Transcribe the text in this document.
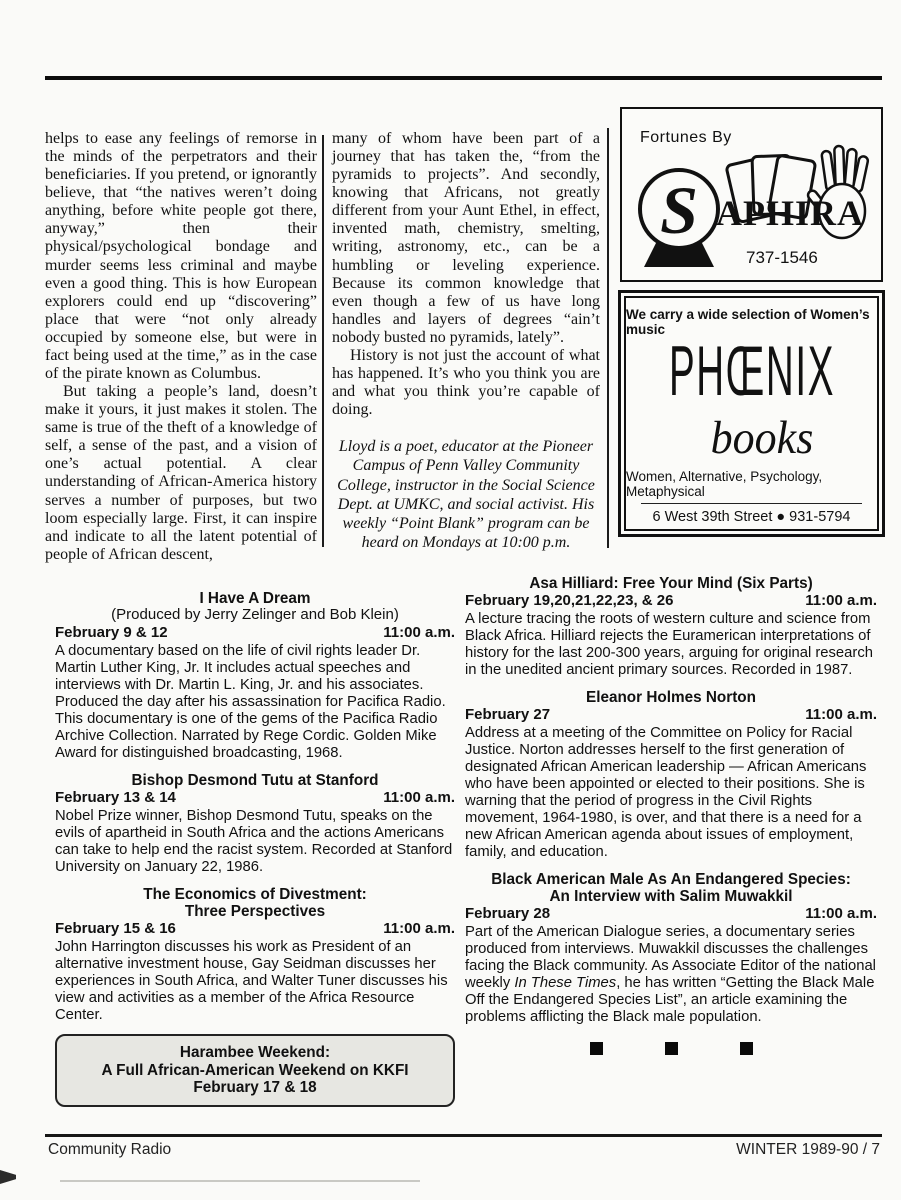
helps to ease any feelings of remorse in the minds of the perpetrators and their beneficiaries. If you pretend, or ignorantly believe, that “the natives weren’t doing anything, before white people got there, anyway,” then their physical/psychological bondage and murder seems less criminal and maybe even a good thing. This is how European explorers could end up “discovering” place that were “not only already occupied by someone else, but were in fact being used at the time,” as in the case of the pirate known as Columbus.

But taking a people’s land, doesn’t make it yours, it just makes it stolen. The same is true of the theft of a knowledge of self, a sense of the past, and a vision of one’s actual potential. A clear understanding of African-America history serves a number of purposes, but two loom especially large. First, it can inspire and indicate to all the latent potential of people of African descent,

many of whom have been part of a journey that has taken the, “from the pyramids to projects”. And secondly, knowing that Africans, not greatly different from your Aunt Ethel, in effect, invented math, chemistry, smelting, writing, astronomy, etc., can be a humbling or leveling experience. Because its common knowledge that even though a few of us have long handles and layers of degrees “ain’t nobody busted no pyramids, lately”.

History is not just the account of what has happened. It’s who you think you are and what you think you’re capable of doing.

Lloyd is a poet, educator at the Pioneer Campus of Penn Valley Community College, instructor in the Social Science Dept. at UMKC, and social activist. His weekly “Point Blank” program can be heard on Mondays at 10:00 p.m.

Fortunes By
APHIRA
S
737-1546
We carry a wide selection of Women’s music
PHŒNIX
books
Women, Alternative, Psychology, Metaphysical
6 West 39th Street ● 931-5794
I Have A Dream
(Produced by Jerry Zelinger and Bob Klein)
February 9 & 12	11:00 a.m.
A documentary based on the life of civil rights leader Dr. Martin Luther King, Jr. It includes actual speeches and interviews with Dr. Martin L. King, Jr. and his associates. Produced the day after his assassination for Pacifica Radio. This documentary is one of the gems of the Pacifica Radio Archive Collection. Narrated by Rege Cordic. Golden Mike Award for distinguished broadcasting, 1968.
Bishop Desmond Tutu at Stanford
February 13 & 14	11:00 a.m.
Nobel Prize winner, Bishop Desmond Tutu, speaks on the evils of apartheid in South Africa and the actions Americans can take to help end the racist system. Recorded at Stanford University on January 22, 1986.
The Economics of Divestment:
Three Perspectives
February 15 & 16	11:00 a.m.
John Harrington discusses his work as President of an alternative investment house, Gay Seidman discusses her experiences in South Africa, and Walter Tuner discusses his view and activities as a member of the Africa Resource Center.
Harambee Weekend:
A Full African-American Weekend on KKFI
February 17 & 18
Asa Hilliard: Free Your Mind (Six Parts)
February 19,20,21,22,23, & 26	11:00 a.m.
A lecture tracing the roots of western culture and science from Black Africa. Hilliard rejects the Euramerican interpretations of history for the last 200-300 years, arguing for original research in the unedited ancient primary sources. Recorded in 1987.
Eleanor Holmes Norton
February 27	11:00 a.m.
Address at a meeting of the Committee on Policy for Racial Justice. Norton addresses herself to the first generation of designated African American leadership — African Americans who have been appointed or elected to their positions. She is warning that the period of progress in the Civil Rights movement, 1964-1980, is over, and that there is a need for a new African American agenda about issues of employment, family, and education.
Black American Male As An Endangered Species:
An Interview with Salim Muwakkil
February 28	11:00 a.m.
Part of the American Dialogue series, a documentary series produced from interviews. Muwakkil discusses the challenges facing the Black community. As Associate Editor of the national weekly In These Times, he has written “Getting the Black Male Off the Endangered Species List”, an article examining the problems afflicting the Black male population.
Community Radio	WINTER 1989-90 / 7
